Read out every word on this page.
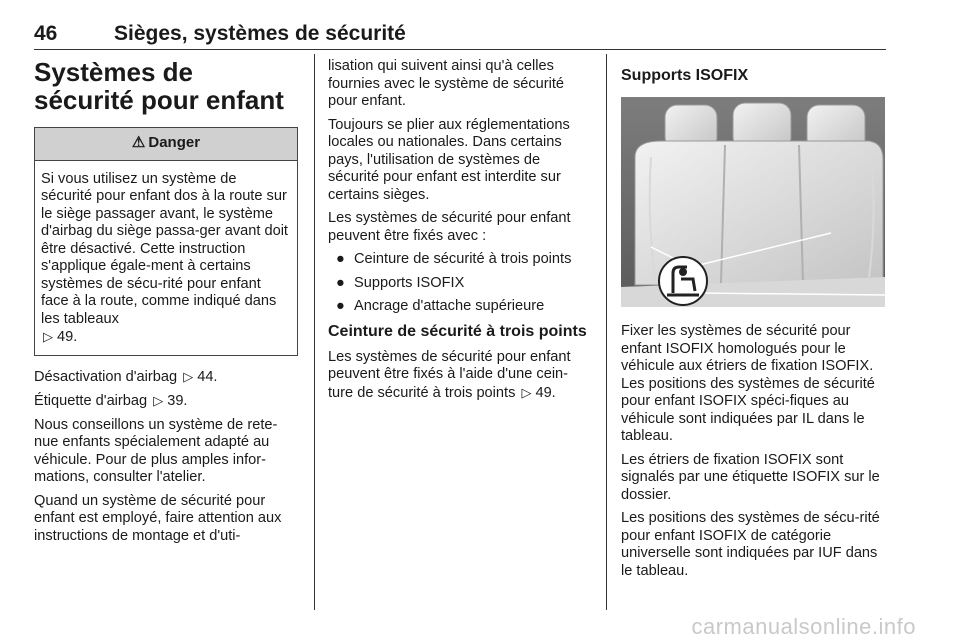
46	Sièges, systèmes de sécurité
Systèmes de sécurité pour enfant
⚠ Danger

Si vous utilisez un système de sécurité pour enfant dos à la route sur le siège passager avant, le système d'airbag du siège passa-ger avant doit être désactivé. Cette instruction s'applique égale-ment à certains systèmes de sécu-rité pour enfant face à la route, comme indiqué dans les tableaux
▷ 49.

Désactivation d'airbag ▷ 44.

Étiquette d'airbag ▷ 39.

Nous conseillons un système de rete-nue enfants spécialement adapté au véhicule. Pour de plus amples infor-mations, consulter l'atelier.

Quand un système de sécurité pour enfant est employé, faire attention aux instructions de montage et d'uti-

lisation qui suivent ainsi qu'à celles fournies avec le système de sécurité pour enfant.

Toujours se plier aux réglementations locales ou nationales. Dans certains pays, l'utilisation de systèmes de sécurité pour enfant est interdite sur certains sièges.

Les systèmes de sécurité pour enfant peuvent être fixés avec :

● Ceinture de sécurité à trois points
● Supports ISOFIX
● Ancrage d'attache supérieure
Ceinture de sécurité à trois points

Les systèmes de sécurité pour enfant peuvent être fixés à l'aide d'une cein-ture de sécurité à trois points ▷ 49.

Supports ISOFIX

Fixer les systèmes de sécurité pour enfant ISOFIX homologués pour le véhicule aux étriers de fixation ISOFIX. Les positions des systèmes de sécurité pour enfant ISOFIX spéci-fiques au véhicule sont indiquées par IL dans le tableau.

Les étriers de fixation ISOFIX sont signalés par une étiquette ISOFIX sur le dossier.

Les positions des systèmes de sécu-rité pour enfant ISOFIX de catégorie universelle sont indiquées par IUF dans le tableau.

carmanualsonline.info
